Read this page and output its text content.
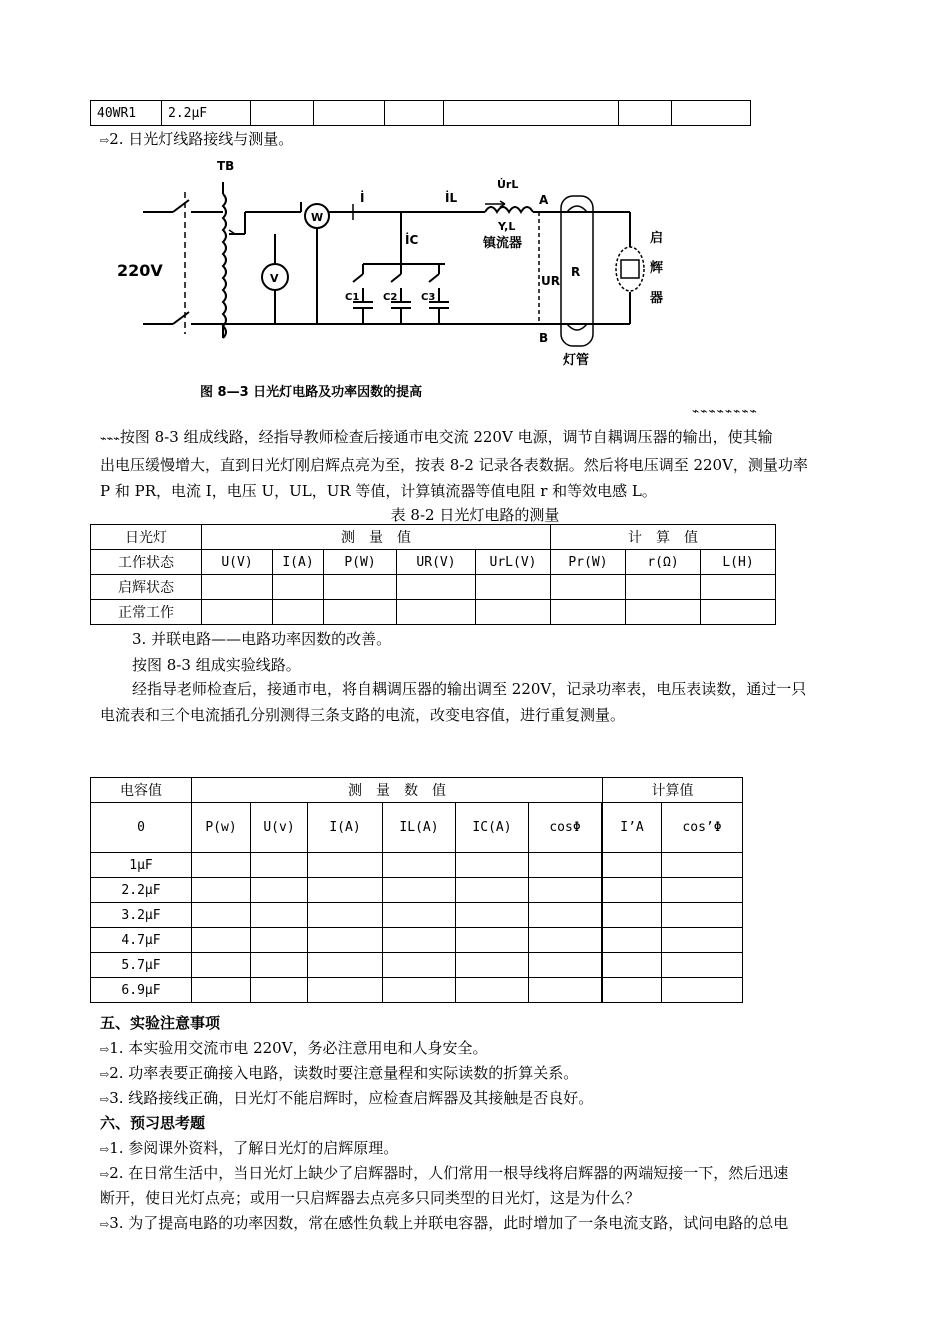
40WR1	2.2μF						
⇨2. 日光灯线路接线与测量。
TB
220V	V
W
İ	İL
U̇rL
Y,L
镇流器
A
B
İC
UR
R
C1 C2 C3
灯管
图 8—3 日光灯电路及功率因数的提高
启
辉
器
⌁⌁⌁⌁⌁⌁⌁⌁
⌁⌁⌁按图 8-3 组成线路，经指导教师检查后接通市电交流 220V 电源，调节自耦调压器的输出，使其输
出电压缓慢增大，直到日光灯刚启辉点亮为至，按表 8-2 记录各表数据。然后将电压调至 220V，测量功率
P 和 PR，电流 I，电压 U，UL，UR 等值，计算镇流器等值电阻 r 和等效电感 L。
表 8-2 日光灯电路的测量
日光灯	测　量　值					计　算　值		
工作状态	U(V)	I(A)	P(W)	UR(V)	UrL(V)	Pr(W)	r(Ω)	L(H)
启辉状态								
正常工作								
3. 并联电路——电路功率因数的改善。
按图 8-3 组成实验线路。
经指导老师检查后，接通市电，将自耦调压器的输出调至 220V，记录功率表，电压表读数，通过一只
电流表和三个电流插孔分别测得三条支路的电流，改变电容值，进行重复测量。
电容值	测　量　数　值						计算值	
0	P(w)	U(v)	I(A)	IL(A)	IC(A)	cosΦ		I’A	cos’Φ
1μF									
2.2μF									
3.2μF									
4.7μF									
5.7μF									
6.9μF									
五、实验注意事项
⇨1. 本实验用交流市电 220V，务必注意用电和人身安全。
⇨2. 功率表要正确接入电路，读数时要注意量程和实际读数的折算关系。
⇨3. 线路接线正确，日光灯不能启辉时，应检查启辉器及其接触是否良好。
六、预习思考题
⇨1. 参阅课外资料，了解日光灯的启辉原理。
⇨2. 在日常生活中，当日光灯上缺少了启辉器时，人们常用一根导线将启辉器的两端短接一下，然后迅速
断开，使日光灯点亮；或用一只启辉器去点亮多只同类型的日光灯，这是为什么？
⇨3. 为了提高电路的功率因数，常在感性负载上并联电容器，此时增加了一条电流支路，试问电路的总电
